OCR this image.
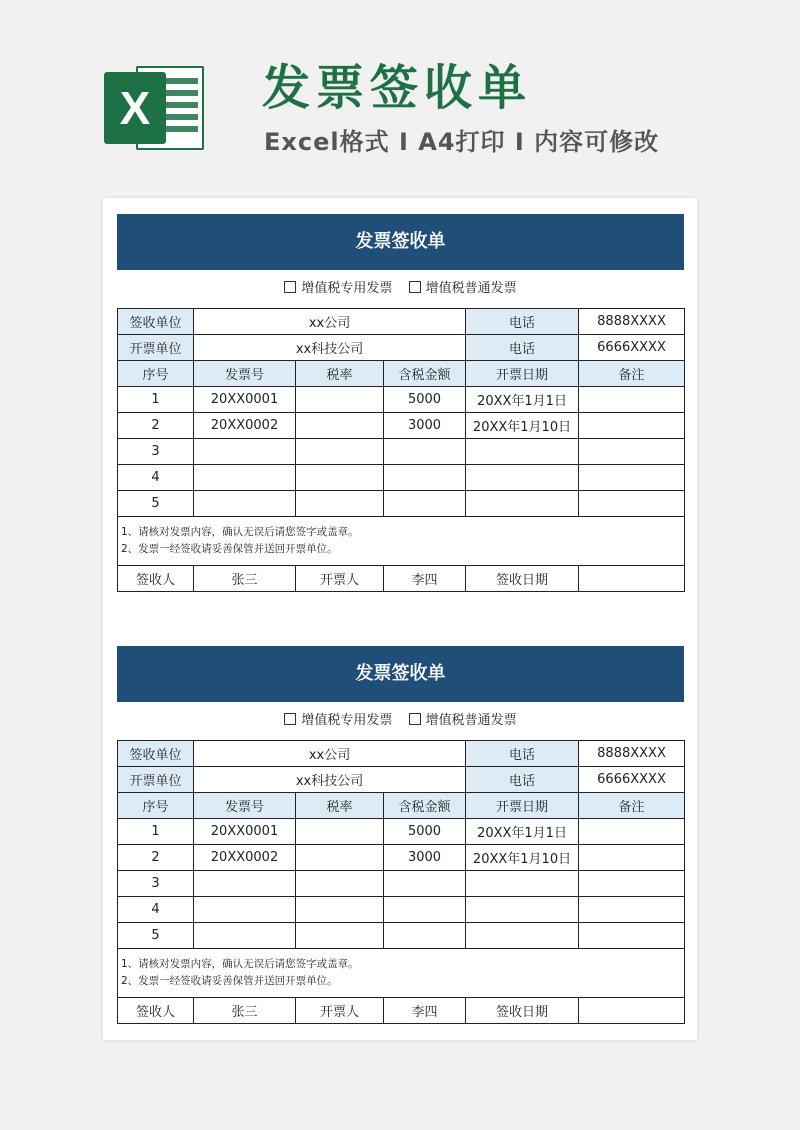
X	发票签收单
Excel格式 I A4打印 I 内容可修改
发票签收单
增值税专用发票	增值税普通发票
签收单位	xx公司			电话	8888XXXX
开票单位	xx科技公司			电话	6666XXXX
序号	发票号	税率	含税金额	开票日期	备注
1	20XX0001		5000	20XX年1月1日	
2	20XX0002		3000	20XX年1月10日	
3					
4					
5					

1、请核对发票内容，确认无误后请您签字或盖章。
2、发票一经签收请妥善保管并送回开票单位。					

签收人	张三	开票人	李四	签收日期	
发票签收单
增值税专用发票	增值税普通发票
签收单位	xx公司			电话	8888XXXX
开票单位	xx科技公司			电话	6666XXXX
序号	发票号	税率	含税金额	开票日期	备注
1	20XX0001		5000	20XX年1月1日	
2	20XX0002		3000	20XX年1月10日	
3					
4					
5					

1、请核对发票内容，确认无误后请您签字或盖章。
2、发票一经签收请妥善保管并送回开票单位。					

签收人	张三	开票人	李四	签收日期	
